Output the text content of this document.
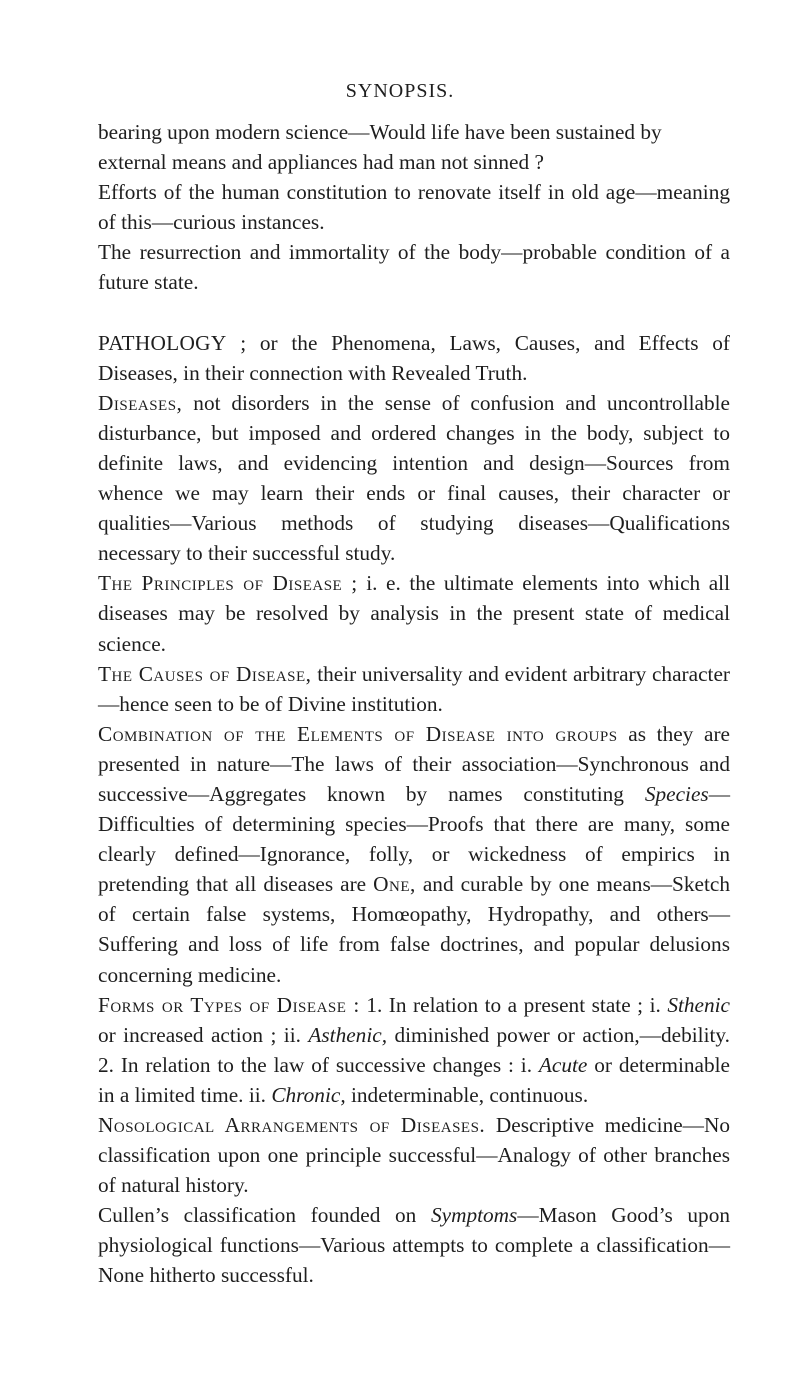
SYNOPSIS.

bearing upon modern science—Would life have been sustained by
external means and appliances had man not sinned ?

Efforts of the human constitution to renovate itself in old age—meaning of this—curious instances.

The resurrection and immortality of the body—probable condition of a future state.

PATHOLOGY ; or the Phenomena, Laws, Causes, and Effects of Diseases, in their connection with Revealed Truth.

Diseases, not disorders in the sense of confusion and uncontrollable disturbance, but imposed and ordered changes in the body, subject to definite laws, and evidencing intention and design—Sources from whence we may learn their ends or final causes, their character or qualities—Various methods of studying diseases—Qualifications necessary to their successful study.

The Principles of Disease ; i. e. the ultimate elements into which all diseases may be resolved by analysis in the present state of medical science.

The Causes of Disease, their universality and evident arbitrary character—hence seen to be of Divine institution.

Combination of the Elements of Disease into groups as they are presented in nature—The laws of their association—Synchronous and successive—Aggregates known by names constituting Species—Difficulties of determining species—Proofs that there are many, some clearly defined—Ignorance, folly, or wickedness of empirics in pretending that all diseases are One, and curable by one means—Sketch of certain false systems, Homœopathy, Hydropathy, and others—Suffering and loss of life from false doctrines, and popular delusions concerning medicine.

Forms or Types of Disease : 1. In relation to a present state ; i. Sthenic or increased action ; ii. Asthenic, diminished power or action,—debility. 2. In relation to the law of successive changes : i. Acute or determinable in a limited time. ii. Chronic, indeterminable, continuous.

Nosological Arrangements of Diseases. Descriptive medicine—No classification upon one principle successful—Analogy of other branches of natural history.

Cullen’s classification founded on Symptoms—Mason Good’s upon physiological functions—Various attempts to complete a classification—None hitherto successful.
